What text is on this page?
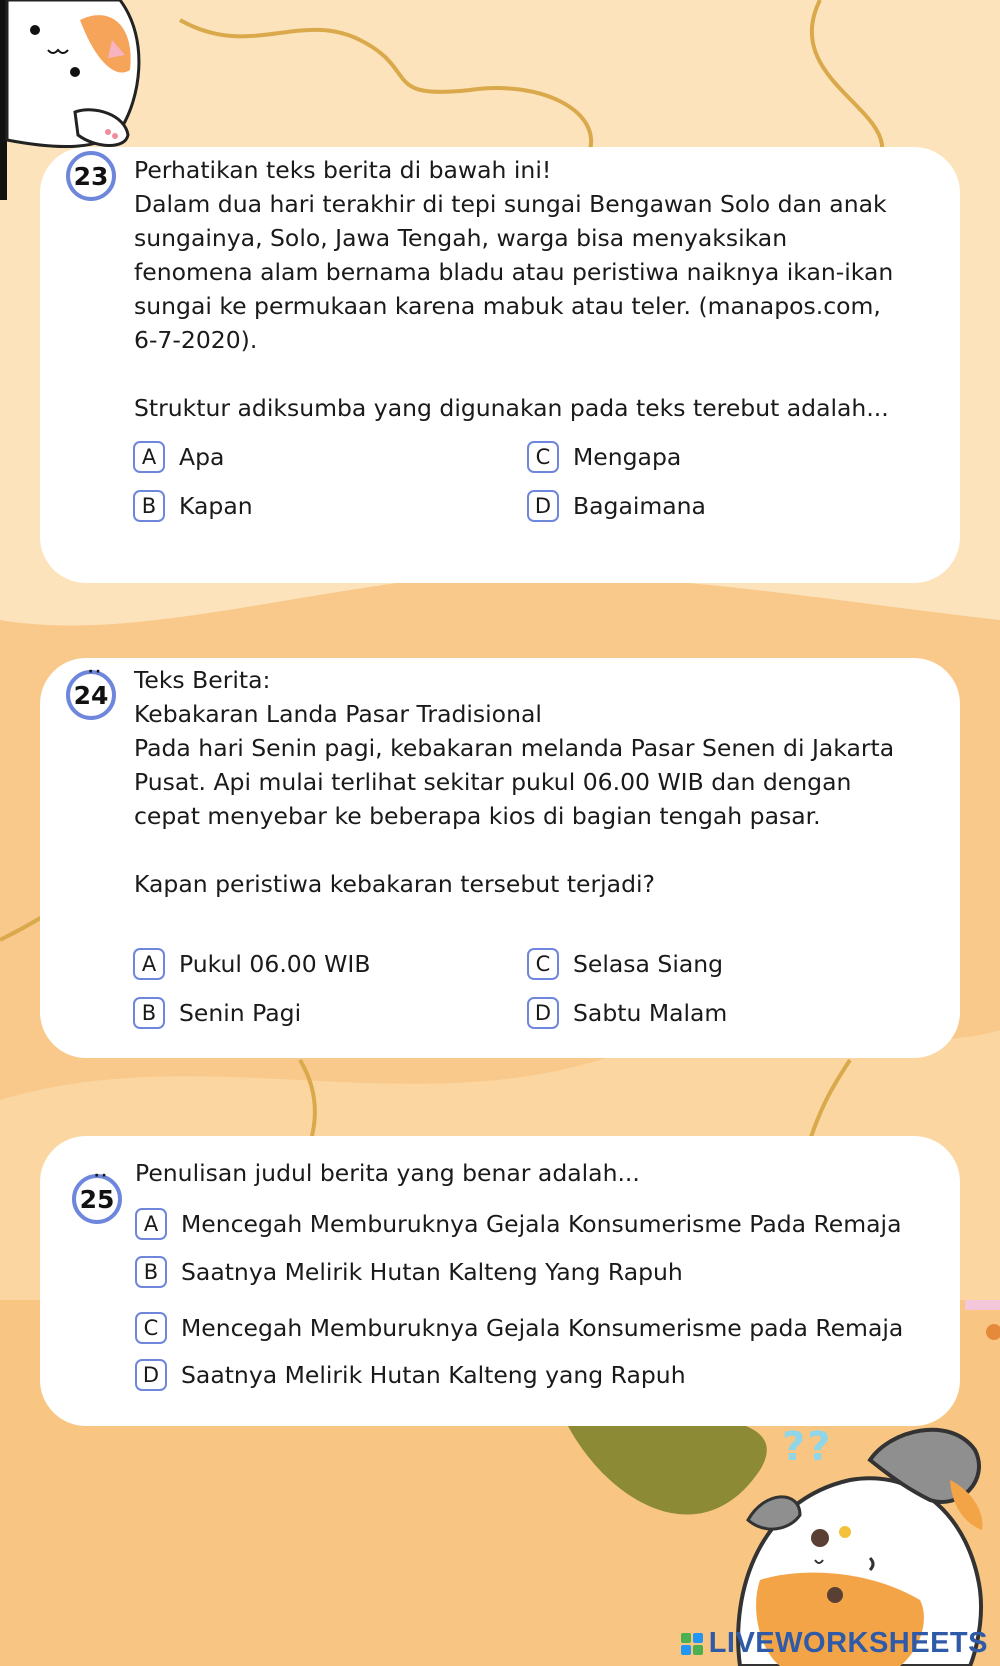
23 Perhatikan teks berita di bawah ini!
Dalam dua hari terakhir di tepi sungai Bengawan Solo dan anak
sungainya, Solo, Jawa Tengah, warga bisa menyaksikan
fenomena alam bernama bladu atau peristiwa naiknya ikan-ikan
sungai ke permukaan karena mabuk atau teler. (manapos.com,
6-7-2020).

Struktur adiksumba yang digunakan pada teks terebut adalah...
A Apa
B Kapan
C Mengapa
D Bagaimana
··
24
Teks Berita:
Kebakaran Landa Pasar Tradisional
Pada hari Senin pagi, kebakaran melanda Pasar Senen di Jakarta
Pusat. Api mulai terlihat sekitar pukul 06.00 WIB dan dengan
cepat menyebar ke beberapa kios di bagian tengah pasar.

Kapan peristiwa kebakaran tersebut terjadi?
A Pukul 06.00 WIB
B Senin Pagi
C Selasa Siang
D Sabtu Malam
··
25
Penulisan judul berita yang benar adalah...
A Mencegah Memburuknya Gejala Konsumerisme Pada Remaja
B Saatnya Melirik Hutan Kalteng Yang Rapuh
C Mencegah Memburuknya Gejala Konsumerisme pada Remaja
D Saatnya Melirik Hutan Kalteng yang Rapuh
??
LIVEWORKSHEETS
